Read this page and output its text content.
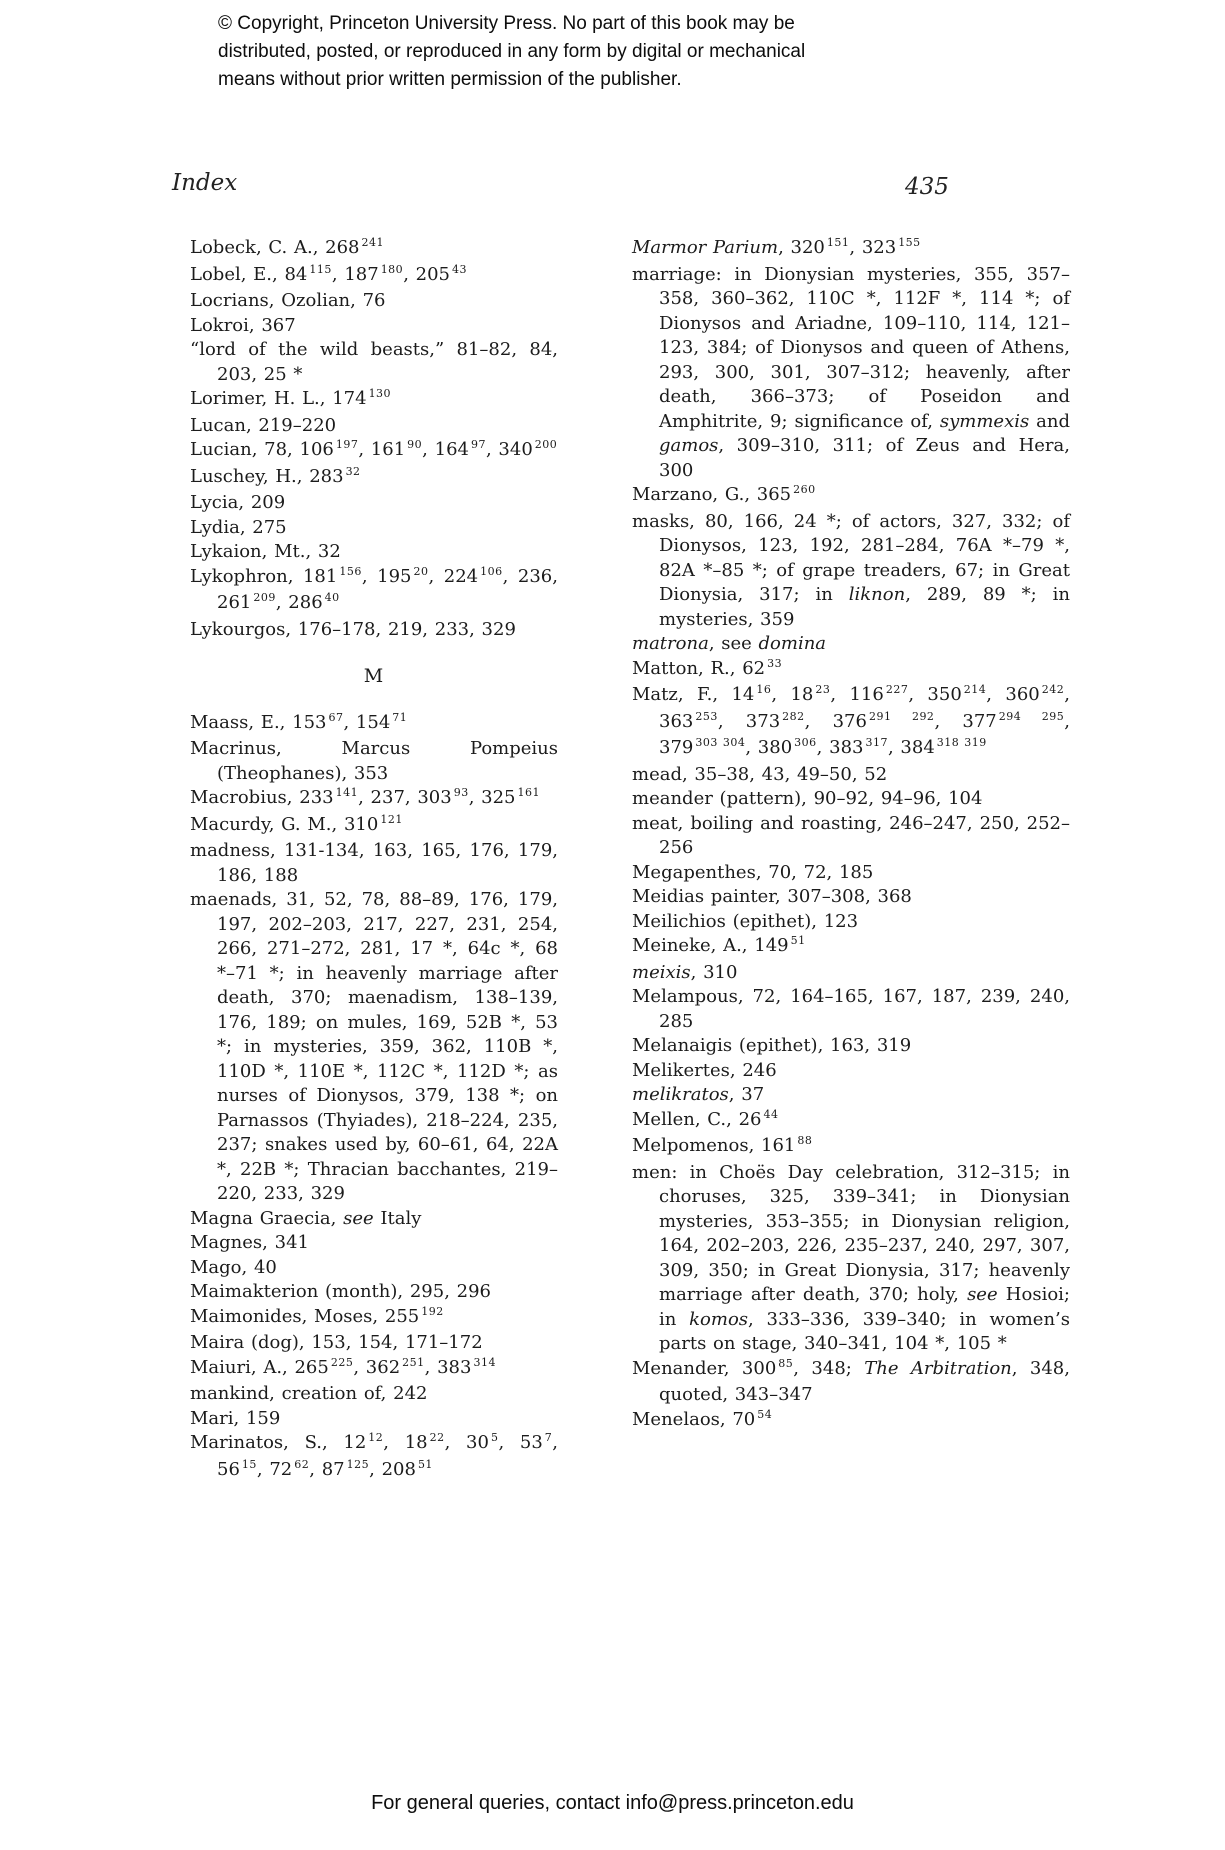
© Copyright, Princeton University Press. No part of this book may be
distributed, posted, or reproduced in any form by digital or mechanical
means without prior written permission of the publisher.
Index	435

Lobeck, C. A., 268 $^{241}$

Lobel, E., 84 $^{115}$, 187 $^{180}$, 205 $^{43}$

Locrians, Ozolian, 76

Lokroi, 367

“lord of the wild beasts,” 81–82, 84, 203, 25 *

Lorimer, H. L., 174 $^{130}$

Lucan, 219–220

Lucian, 78, 106 $^{197}$, 161 $^{90}$, 164 $^{97}$, 340 $^{200}$

Luschey, H., 283 $^{32}$

Lycia, 209

Lydia, 275

Lykaion, Mt., 32

Lykophron, 181 $^{156}$, 195 $^{20}$, 224 $^{106}$, 236, 261 $^{209}$, 286 $^{40}$

Lykourgos, 176–178, 219, 233, 329

M

Maass, E., 153 $^{67}$, 154 $^{71}$

Macrinus, Marcus Pompeius (Theophanes), 353

Macrobius, 233 $^{141}$, 237, 303 $^{93}$, 325 $^{161}$

Macurdy, G. M., 310 $^{121}$

madness, 131-134, 163, 165, 176, 179, 186, 188

maenads, 31, 52, 78, 88–89, 176, 179, 197, 202–203, 217, 227, 231, 254, 266, 271–272, 281, 17 *, 64c *, 68 *–71 *; in heavenly marriage after death, 370; maenadism, 138–139, 176, 189; on mules, 169, 52B *, 53 *; in mysteries, 359, 362, 110B *, 110D *, 110E *, 112C *, 112D *; as nurses of Dionysos, 379, 138 *; on Parnassos (Thyiades), 218–224, 235, 237; snakes used by, 60–61, 64, 22A *, 22B *; Thracian bacchantes, 219–220, 233, 329

Magna Graecia, see Italy

Magnes, 341

Mago, 40

Maimakterion (month), 295, 296

Maimonides, Moses, 255 $^{192}$

Maira (dog), 153, 154, 171–172

Maiuri, A., 265 $^{225}$, 362 $^{251}$, 383 $^{314}$

mankind, creation of, 242

Mari, 159

Marinatos, S., 12 $^{12}$, 18 $^{22}$, 30 $^5$, 53 $^7$, 56 $^{15}$, 72 $^{62}$, 87 $^{125}$, 208 $^{51}$

Marmor Parium, 320 $^{151}$, 323 $^{155}$

marriage: in Dionysian mysteries, 355, 357–358, 360–362, 110C *, 112F *, 114 *; of Dionysos and Ariadne, 109–110, 114, 121–123, 384; of Dionysos and queen of Athens, 293, 300, 301, 307–312; heavenly, after death, 366–373; of Poseidon and Amphitrite, 9; significance of, symmexis and gamos, 309–310, 311; of Zeus and Hera, 300

Marzano, G., 365 $^{260}$

masks, 80, 166, 24 *; of actors, 327, 332; of Dionysos, 123, 192, 281–284, 76A *–79 *, 82A *–85 *; of grape treaders, 67; in Great Dionysia, 317; in liknon, 289, 89 *; in mysteries, 359

matrona, see domina

Matton, R., 62 $^{33}$

Matz, F., 14 $^{16}$, 18 $^{23}$, 116 $^{227}$, 350 $^{214}$, 360 $^{242}$, 363 $^{253}$, 373 $^{282}$, 376 $^{291 292}$, 377 $^{294 295}$, 379 $^{303 304}$, 380 $^{306}$, 383 $^{317}$, 384 $^{318 319}$

mead, 35–38, 43, 49–50, 52

meander (pattern), 90–92, 94–96, 104

meat, boiling and roasting, 246–247, 250, 252–256

Megapenthes, 70, 72, 185

Meidias painter, 307–308, 368

Meilichios (epithet), 123

Meineke, A., 149 $^{51}$

meixis, 310

Melampous, 72, 164–165, 167, 187, 239, 240, 285

Melanaigis (epithet), 163, 319

Melikertes, 246

melikratos, 37

Mellen, C., 26 $^{44}$

Melpomenos, 161 $^{88}$

men: in Choës Day celebration, 312–315; in choruses, 325, 339–341; in Dionysian mysteries, 353–355; in Dionysian religion, 164, 202–203, 226, 235–237, 240, 297, 307, 309, 350; in Great Dionysia, 317; heavenly marriage after death, 370; holy, see Hosioi; in komos, 333–336, 339–340; in women’s parts on stage, 340–341, 104 *, 105 *

Menander, 300 $^{85}$, 348; The Arbitration, 348, quoted, 343–347

Menelaos, 70 $^{54}$

For general queries, contact info@press.princeton.edu
